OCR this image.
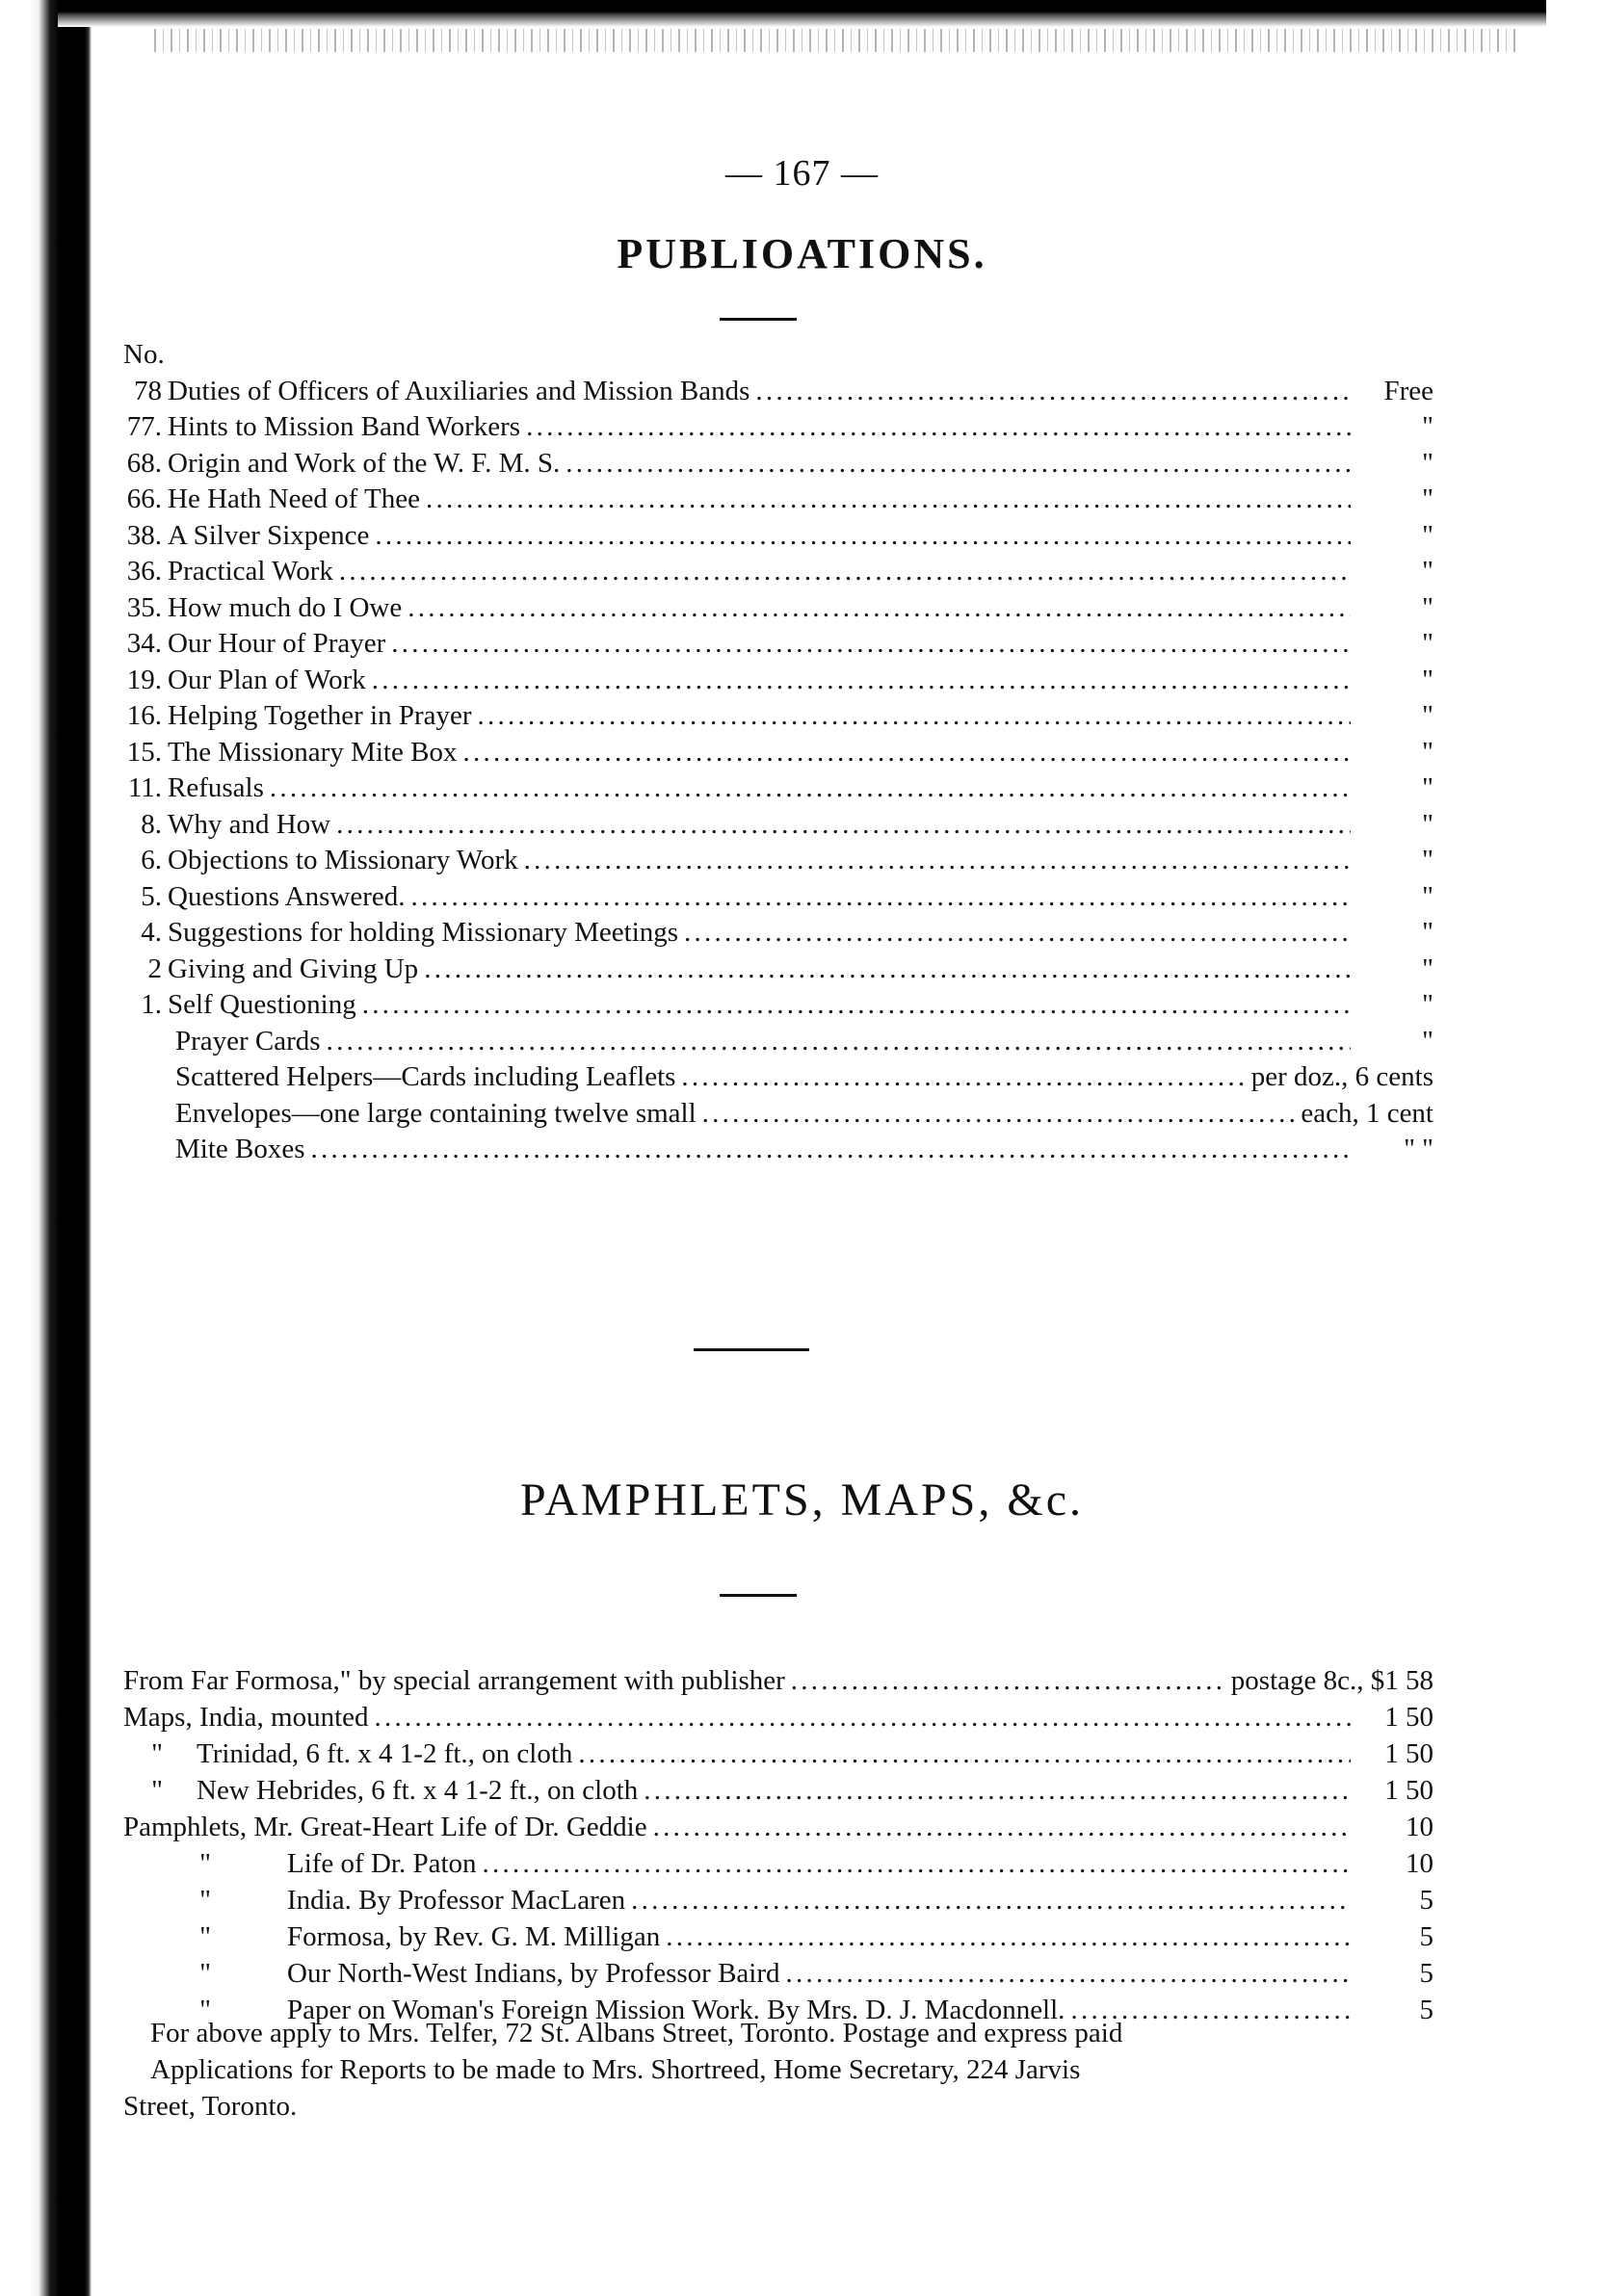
— 167 —
PUBLIOATIONS.
No.
78 Duties of Officers of Auxiliaries and Mission Bands . . .	Free
77. Hints to Mission Band Workers . . .	"
68. Origin and Work of the W. F. M. S. . . .	"
66. He Hath Need of Thee . . .	"
38. A Silver Sixpence . . .	"
36. Practical Work . . .	"
35. How much do I Owe . . .	"
34. Our Hour of Prayer . . .	"
19. Our Plan of Work . . .	"
16. Helping Together in Prayer . . .	"
15. The Missionary Mite Box . . .	"
11. Refusals . . .	"
8. Why and How . . .	"
6. Objections to Missionary Work . . .	"
5. Questions Answered. . . .	"
4. Suggestions for holding Missionary Meetings . . .	"
2 Giving and Giving Up . . .	"
1. Self Questioning . . .	"
Prayer Cards . . .	"
Scattered Helpers—Cards including Leaflets . . .	per doz., 6 cents
Envelopes—one large containing twelve small . . .	each, 1 cent
Mite Boxes . . .	" "
PAMPHLETS, MAPS, &c.
From Far Formosa," by special arrangement with publisher . . .	postage 8c., $1 58
Maps, India, mounted . . .	1 50
"	Trinidad, 6 ft. x 4 1-2 ft., on cloth . . .	1 50
"	New Hebrides, 6 ft. x 4 1-2 ft., on cloth . . .	1 50
Pamphlets, Mr. Great-Heart Life of Dr. Geddie . . .	10
"	Life of Dr. Paton . . .	10
"	India. By Professor MacLaren . . .	5
"	Formosa, by Rev. G. M. Milligan . . .	5
"	Our North-West Indians, by Professor Baird . . .	5
"	Paper on Woman's Foreign Mission Work. By Mrs. D. J. Macdonnell. . . .	5

For above apply to Mrs. Telfer, 72 St. Albans Street, Toronto. Postage and express paid

Applications for Reports to be made to Mrs. Shortreed, Home Secretary, 224 Jarvis

Street, Toronto.
